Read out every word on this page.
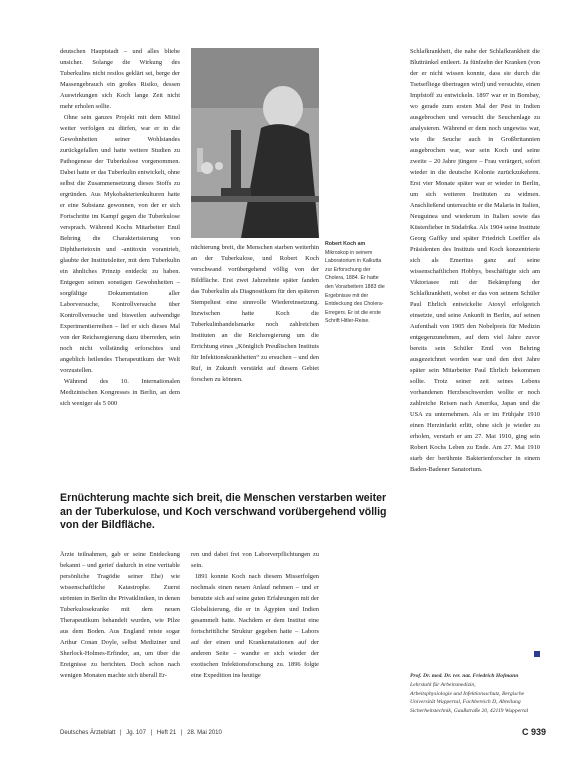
deutschen Hauptstadt – und alles bliebe unsicher. Solange die Wirkung des Tuberkulins nicht restlos geklärt sei, berge der Massengebrauch ein großes Risiko, dessen Auswirkungen sich Koch lange Zeit nicht mehr erholen sollte.

Ohne sein ganzes Projekt mit dem Mittel weiter verfolgen zu dürfen, war er in die Gewohnheiten seiner Wohlstandes zurückgefallen und hatte weitere Studien zu Pathogenese der Tuberkulose vorgenommen. Dabei hatte er das Tuberkulin entwickelt, ohne selbst die Zusammensetzung dieses Stoffs zu ergründen. Aus Mykobakterienkulturen hatte er eine Substanz gewonnen, von der er sich Fortschritte im Kampf gegen die Tuberkulose versprach. Während Kochs Mitarbeiter Emil Behring die Charakterisierung von Diphtherietoxin und -antitoxin vorantrieb, glaubte der Institutsleiter, mit dem Tuberkulin ein ähnliches Prinzip entdeckt zu haben. Entgegen seinen sonstigen Gewohnheiten – sorgfältige Dokumentation aller Laborversuche, Kontrollversuche über Kontrollversuche und bisweilen aufwendige Experimentierreihen – lief er sich dieses Mal von der Reichsregierung dazu überreden, sein noch nicht vollständig erforschtes und angeblich heilendes Therapeutikum der Welt vorzustellen.

Während des 10. Internationalen Medizinischen Kongresses in Berlin, an dem sich weniger als 5 000

Robert Koch am Mikroskop in seinem Laboratorium in Kalkutta zur Erforschung der Cholera, 1884. Er hatte den Vorarbeitern 1883 die Ergebnisse mit der Entdeckung des Cholera-Erregers. Er ist die erste Schrift Hitler-Reise.

nüchterung breit, die Menschen starben weiterhin an der Tuberkulose, und Robert Koch verschwand vorübergehend völlig von der Bildfläche. Erst zwei Jahrzehnte später fanden das Tuberkulin als Diagnostikum für den späteren Stempeltest eine sinnvolle Wiedereinsetzung. Inzwischen hatte Koch die Tuberkulinhandelsmarke noch zahlreichen Instituten an die Reichsregierung um die Errichtung eines „Königlich Preußischen Instituts für Infektionskrankheiten“ zu ersuchen – und den Ruf, in Zukunft verstärkt auf diesem Gebiet forschen zu können.

Schlafkrankheit, die nahe der Schlafkrankheit die Bluttränkel entleert. Ja fünfzehn der Kranken (von der er nicht wissen konnte, dass sie durch die Tsetsefliege übertragen wird) und versuchte, einen Impfstoff zu entwickeln. 1897 war er in Bombay, wo gerade zum ersten Mal der Pest in Indien ausgebrochen und versucht die Seuchenlage zu analysieren. Während er dem noch ungewiss war, wie die Seuche auch in Großbritannien ausgebrochen war, war sein Koch und seine zweite – 20 Jahre jüngere – Frau verärgert, sofort wieder in die deutsche Kolonie zurückzukehren. Erst vier Monate später war er wieder in Berlin, um sich weiteren Instituten zu widmen. Anschließend untersuchte er die Malaria in Italien, Neuguinea und wiederum in Italien sowie das Küstenfieber in Südafrika. Als 1904 seine Institute Georg Gaffky und später Friedrich Loeffler als Präsidenten des Instituts und Koch konzentrierte sich als Emeritus ganz auf seine wissenschaftlichen Hobbys, beschäftigte sich am Viktoriasee mit der Bekämpfung der Schlafkrankheit, wobei er das von seinem Schüler Paul Ehrlich entwickelte Atoxyl erfolgreich einsetzte, und seine Ankunft in Berlin, auf seinen Aufenthalt von 1905 den Nobelpreis für Medizin entgegenzunehmen, auf dem viel Jahre zuvor bereits sein Schüler Emil von Behring ausgezeichnet worden war und den drei Jahre später sein Mitarbeiter Paul Ehrlich bekommen sollte. Trotz seiner zeit seines Lebens vorhandenen Herzbeschwerden wollte er noch zahlreiche Reisen nach Amerika, Japan und die USA zu unternehmen. Als er im Frühjahr 1910 einen Herzinfarkt erlitt, ohne sich je wieder zu erholen, verstarb er am 27. Mai 1910, ging sein Robert Kochs Leben zu Ende. Am 27. Mai 1910 starb der berühmte Bakterienforscher in einem Baden-Badener Sanatorium.

Ernüchterung machte sich breit, die Menschen verstarben weiter an der Tuberkulose, und Koch verschwand vorübergehend völlig von der Bildfläche.

Ärzte teilnahmen, gab er seine Entdeckung bekannt – und gerieť dadurch in eine veritable persönliche Tragödie seiner Ehe) wie wissenschaftliche Katastrophe. Zuerst strömten in Berlin die Privatkliniken, in denen Tuberkulosekranke mit dem neuen Therapeutikum behandelt wurden, wie Pilze aus dem Boden. Aus England reiste sogar Arthur Conan Doyle, selbst Mediziner und Sherlock-Holmes-Erfinder, an, um über die Ereignisse zu berichten. Doch schon nach wenigen Monaten machte sich überall Er-

ren und dabei frei von Laborverpflichtungen zu sein.

1891 konnte Koch nach diesem Misserfolgen nochmals einen neuen Anlauf nehmen – und er benutzte sich auf seine guten Erfahrungen mit der Globalisierung, die er in Ägypten und Indien gesammelt hatte. Nachdem er dem Institut eine fortschrittliche Struktur gegeben hatte – Labors auf der einen und Krankenstationen auf der anderen Seite – wandte er sich wieder der exotischen Infektionsforschung zu. 1896 folgte eine Expedition ins heutige	Prof. Dr. med. Dr. rer. nat. Friedrich Hofmann
Lehrstuhl für Arbeitsmedizin,
Arbeitsphysiologie und Infektionsschutz, Bergische
Universität Wuppertal, Fachbereich D, Abteilung
Sicherheitstechnik, Gaußstraße 20, 42119 Wuppertal
Deutsches Ärzteblatt | Jg. 107 | Heft 21 | 28. Mai 2010	C 939
